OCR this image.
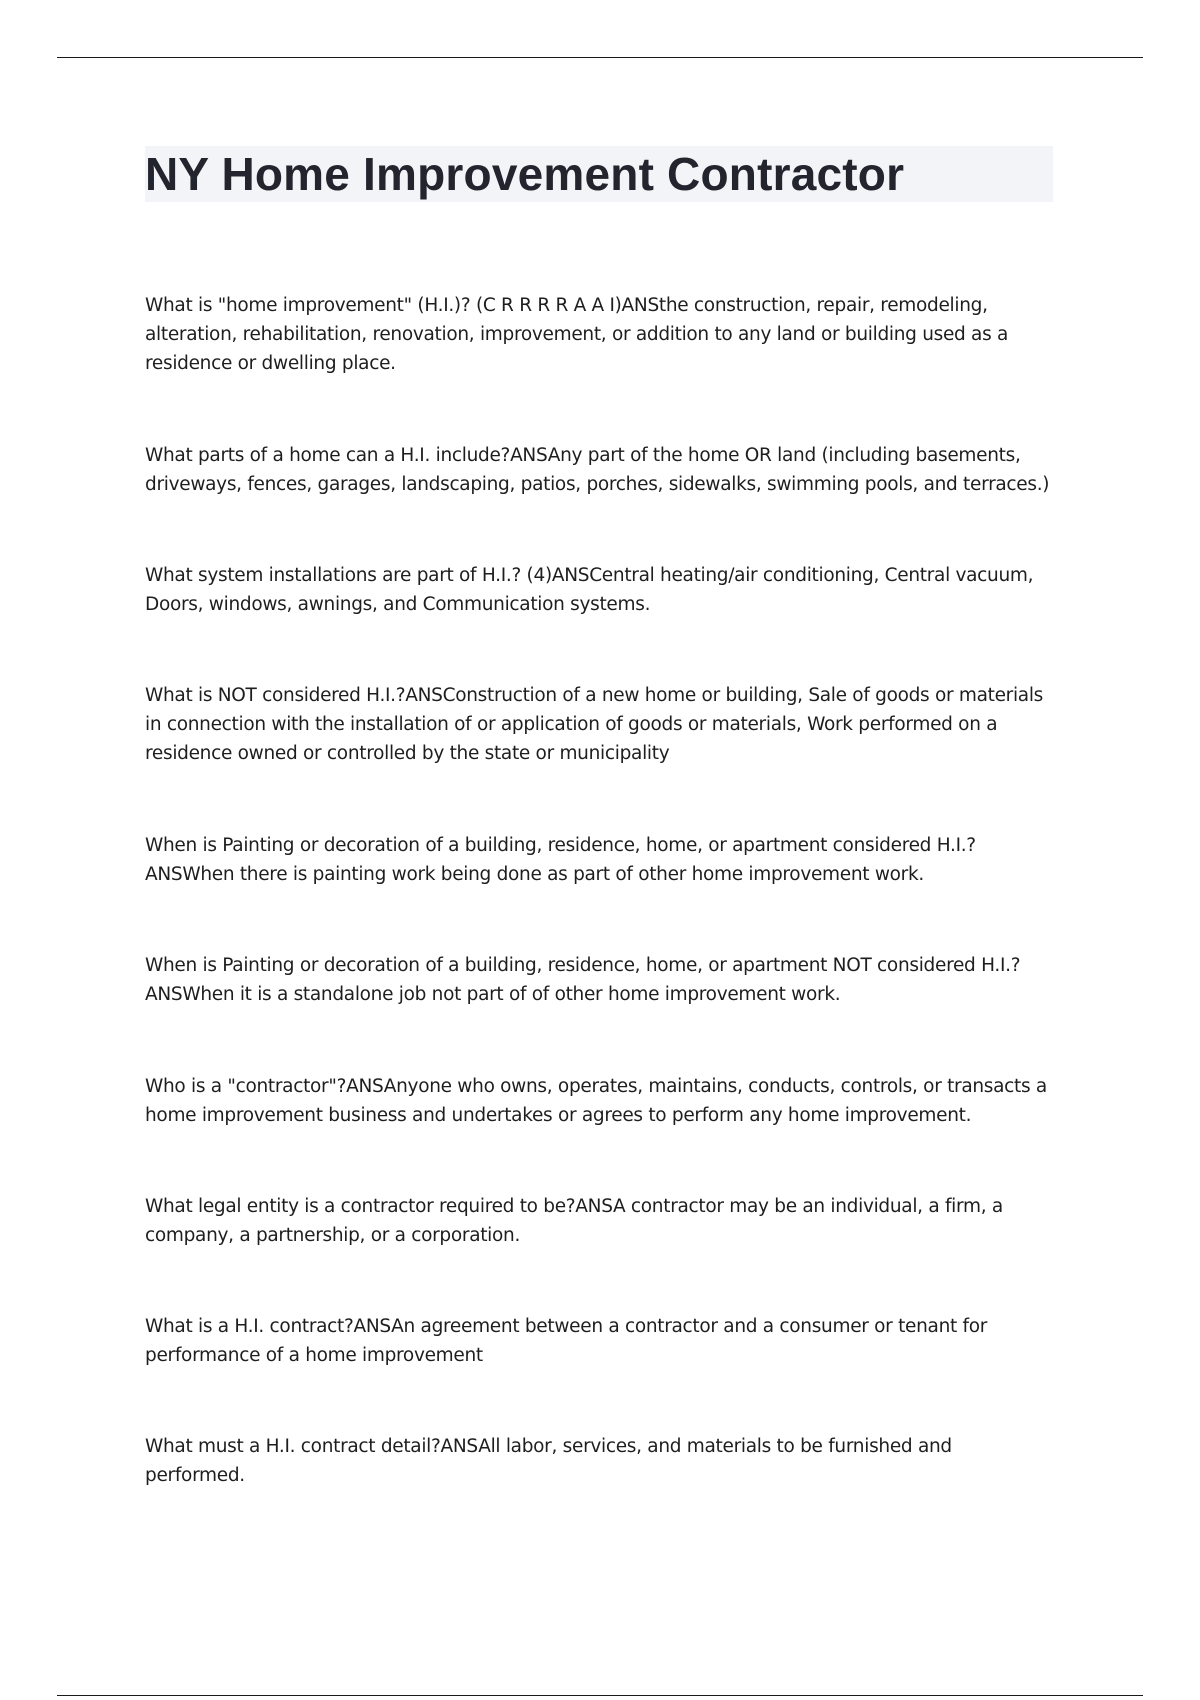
NY Home Improvement Contractor

What is "home improvement" (H.I.)? (C R R R R A A I)ANSthe construction, repair, remodeling, alteration, rehabilitation, renovation, improvement, or addition to any land or building used as a residence or dwelling place.

What parts of a home can a H.I. include?ANSAny part of the home OR land (including basements, driveways, fences, garages, landscaping, patios, porches, sidewalks, swimming pools, and terraces.)

What system installations are part of H.I.? (4)ANSCentral heating/air conditioning, Central vacuum, Doors, windows, awnings, and Communication systems.

What is NOT considered H.I.?ANSConstruction of a new home or building, Sale of goods or materials in connection with the installation of or application of goods or materials, Work performed on a residence owned or controlled by the state or municipality

When is Painting or decoration of a building, residence, home, or apartment considered H.I.? ANSWhen there is painting work being done as part of other home improvement work.

When is Painting or decoration of a building, residence, home, or apartment NOT considered H.I.? ANSWhen it is a standalone job not part of of other home improvement work.

Who is a "contractor"?ANSAnyone who owns, operates, maintains, conducts, controls, or transacts a home improvement business and undertakes or agrees to perform any home improvement.

What legal entity is a contractor required to be?ANSA contractor may be an individual, a firm, a company, a partnership, or a corporation.

What is a H.I. contract?ANSAn agreement between a contractor and a consumer or tenant for performance of a home improvement

What must a H.I. contract detail?ANSAll labor, services, and materials to be furnished and performed.
